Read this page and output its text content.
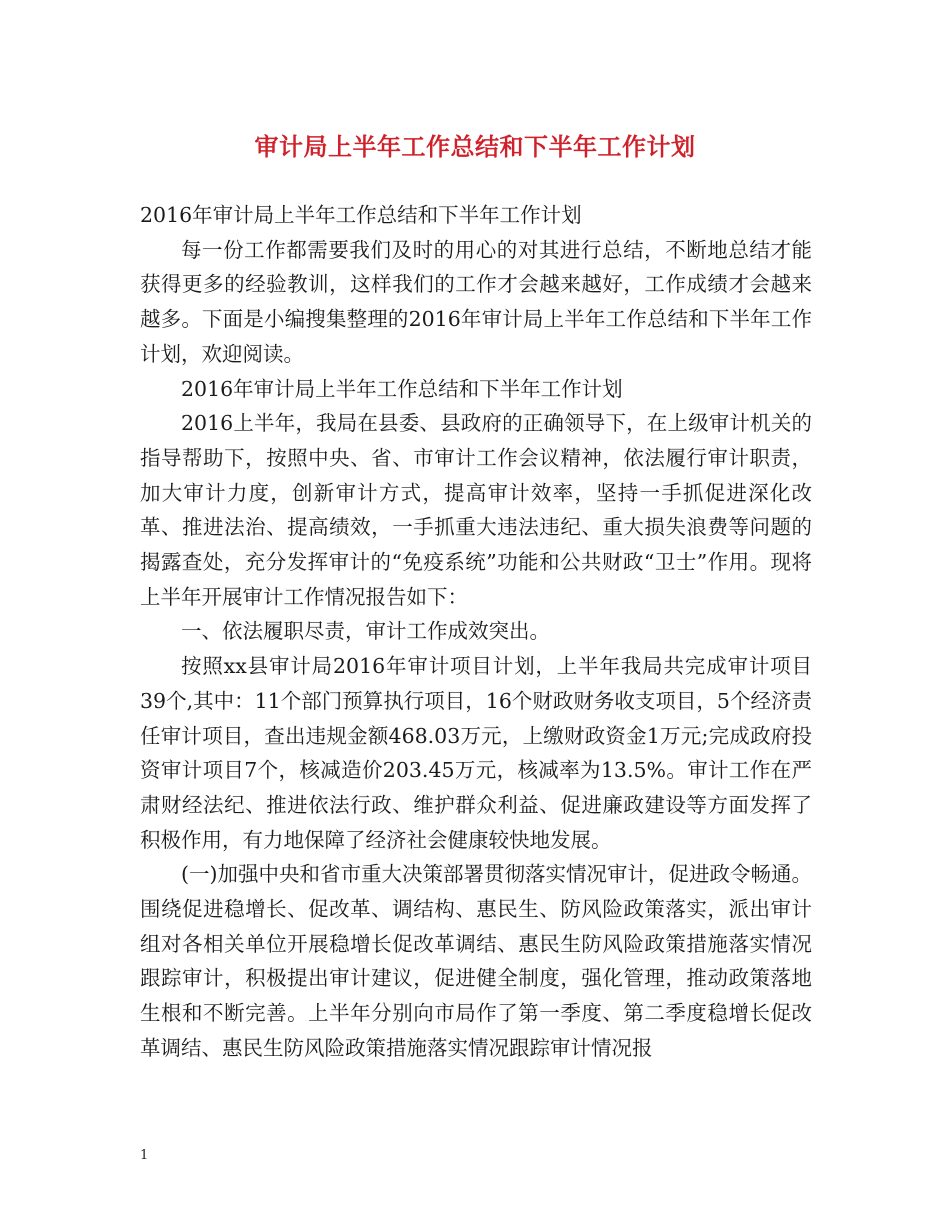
审计局上半年工作总结和下半年工作计划

2016年审计局上半年工作总结和下半年工作计划

每一份工作都需要我们及时的用心的对其进行总结，不断地总结才能获得更多的经验教训，这样我们的工作才会越来越好，工作成绩才会越来越多。下面是小编搜集整理的2016年审计局上半年工作总结和下半年工作计划，欢迎阅读。

2016年审计局上半年工作总结和下半年工作计划

2016上半年，我局在县委、县政府的正确领导下，在上级审计机关的指导帮助下，按照中央、省、市审计工作会议精神，依法履行审计职责，加大审计力度，创新审计方式，提高审计效率，坚持一手抓促进深化改革、推进法治、提高绩效，一手抓重大违法违纪、重大损失浪费等问题的揭露查处，充分发挥审计的“免疫系统”功能和公共财政“卫士”作用。现将上半年开展审计工作情况报告如下：

一、依法履职尽责，审计工作成效突出。

按照xx县审计局2016年审计项目计划，上半年我局共完成审计项目39个,其中：11个部门预算执行项目，16个财政财务收支项目，5个经济责任审计项目，查出违规金额468.03万元，上缴财政资金1万元;完成政府投资审计项目7个，核减造价203.45万元，核减率为13.5%。审计工作在严肃财经法纪、推进依法行政、维护群众利益、促进廉政建设等方面发挥了积极作用，有力地保障了经济社会健康较快地发展。

(一)加强中央和省市重大决策部署贯彻落实情况审计，促进政令畅通。围绕促进稳增长、促改革、调结构、惠民生、防风险政策落实，派出审计组对各相关单位开展稳增长促改革调结、惠民生防风险政策措施落实情况跟踪审计，积极提出审计建议，促进健全制度，强化管理，推动政策落地生根和不断完善。上半年分别向市局作了第一季度、第二季度稳增长促改革调结、惠民生防风险政策措施落实情况跟踪审计情况报

1
